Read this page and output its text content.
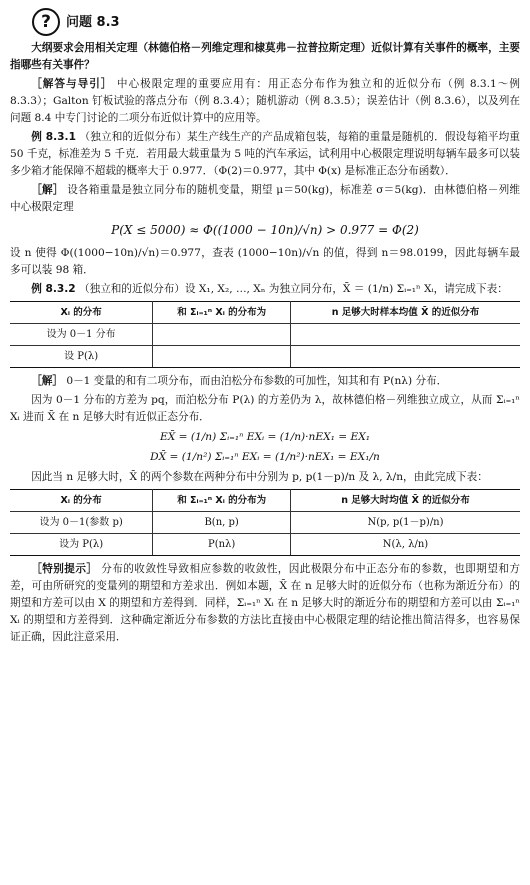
?	问题 8.3

大纲要求会用相关定理（林德伯格－列维定理和棣莫弗－拉普拉斯定理）近似计算有关事件的概率，主要指哪些有关事件？

［解答与导引］ 中心极限定理的重要应用有：用正态分布作为独立和的近似分布（例 8.3.1～例 8.3.3）；Galton 钉板试验的落点分布（例 8.3.4）；随机游动（例 8.3.5）；误差估计（例 8.3.6），以及列在问题 8.4 中专门讨论的二项分布近似计算中的应用等。

例 8.3.1 （独立和的近似分布）某生产线生产的产品成箱包装，每箱的重量是随机的．假设每箱平均重 50 千克，标准差为 5 千克．若用最大载重量为 5 吨的汽车承运，试利用中心极限定理说明每辆车最多可以装多少箱才能保障不超载的概率大于 0.977．（Φ(2)＝0.977，其中 Φ(x) 是标准正态分布函数）．

［解］ 设各箱重量是独立同分布的随机变量，期望 μ＝50(kg)，标准差 σ＝5(kg)．由林德伯格－列维中心极限定理

P(X ≤ 5000) ≈ Φ((1000 − 10n)/√n) > 0.977 = Φ(2)

设 n 使得 Φ((1000−10n)/√n)＝0.977，查表 (1000−10n)/√n 的值，得到 n＝98.0199，因此每辆车最多可以装 98 箱．

例 8.3.2 （独立和的近似分布）设 X₁, X₂, …, Xₙ 为独立同分布，X̄ ＝ (1/n) Σᵢ₌₁ⁿ Xᵢ，请完成下表：

Xᵢ 的分布	和 Σᵢ₌₁ⁿ Xᵢ 的分布为	n 足够大时样本均值 X̄ 的近似分布
设为 0－1 分布		
设 P(λ)		

［解］ 0－1 变量的和有二项分布，而由泊松分布参数的可加性，知其和有 P(nλ) 分布．

因为 0－1 分布的方差为 pq，而泊松分布 P(λ) 的方差仍为 λ，故林德伯格－列维独立成立，从而 Σᵢ₌₁ⁿ Xᵢ 进而 X̄ 在 n 足够大时有近似正态分布．

EX̄ = (1/n) Σᵢ₌₁ⁿ EXᵢ = (1/n)·nEX₁ = EX₁
DX̄ = (1/n²) Σᵢ₌₁ⁿ EXᵢ = (1/n²)·nEX₁ = EX₁/n

因此当 n 足够大时，X̄ 的两个参数在两种分布中分别为 p, p(1－p)/n 及 λ, λ/n，由此完成下表：

Xᵢ 的分布	和 Σᵢ₌₁ⁿ Xᵢ 的分布为	n 足够大时均值 X̄ 的近似分布
设为 0－1(参数 p)	B(n, p)	N(p, p(1－p)/n)
设为 P(λ)	P(nλ)	N(λ, λ/n)

［特别提示］ 分布的收敛性导致相应参数的收敛性，因此极限分布中正态分布的参数，也即期望和方差，可由所研究的变量列的期望和方差求出．例如本题，X̄ 在 n 足够大时的近似分布（也称为渐近分布）的期望和方差可以由 X 的期望和方差得到．同样，Σᵢ₌₁ⁿ Xᵢ 在 n 足够大时的渐近分布的期望和方差可以由 Σᵢ₌₁ⁿ Xᵢ 的期望和方差得到．这种确定渐近分布参数的方法比直接由中心极限定理的结论推出简洁得多，也容易保证正确，因此注意采用．
